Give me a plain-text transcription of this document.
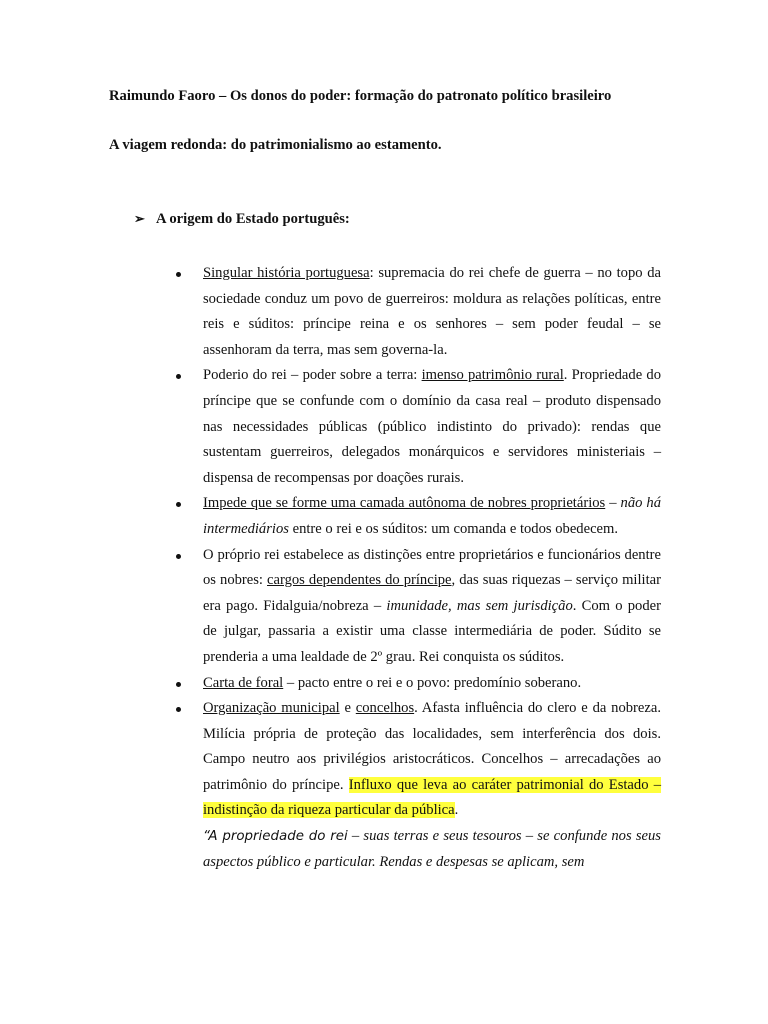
Raimundo Faoro – Os donos do poder: formação do patronato político brasileiro
A viagem redonda: do patrimonialismo ao estamento.
➢ A origem do Estado português:
Singular história portuguesa: supremacia do rei chefe de guerra – no topo da sociedade conduz um povo de guerreiros: moldura as relações políticas, entre reis e súditos: príncipe reina e os senhores – sem poder feudal – se assenhoram da terra, mas sem governa-la.
Poderio do rei – poder sobre a terra: imenso patrimônio rural. Propriedade do príncipe que se confunde com o domínio da casa real – produto dispensado nas necessidades públicas (público indistinto do privado): rendas que sustentam guerreiros, delegados monárquicos e servidores ministeriais – dispensa de recompensas por doações rurais.
Impede que se forme uma camada autônoma de nobres proprietários – não há intermediários entre o rei e os súditos: um comanda e todos obedecem.
O próprio rei estabelece as distinções entre proprietários e funcionários dentre os nobres: cargos dependentes do príncipe, das suas riquezas – serviço militar era pago. Fidalguia/nobreza – imunidade, mas sem jurisdição. Com o poder de julgar, passaria a existir uma classe intermediária de poder. Súdito se prenderia a uma lealdade de 2º grau. Rei conquista os súditos.
Carta de foral – pacto entre o rei e o povo: predomínio soberano.
Organização municipal e concelhos. Afasta influência do clero e da nobreza. Milícia própria de proteção das localidades, sem interferência dos dois. Campo neutro aos privilégios aristocráticos. Concelhos – arrecadações ao patrimônio do príncipe. Influxo que leva ao caráter patrimonial do Estado – indistinção da riqueza particular da pública.
“A propriedade do rei – suas terras e seus tesouros – se confunde nos seus aspectos público e particular. Rendas e despesas se aplicam, sem
